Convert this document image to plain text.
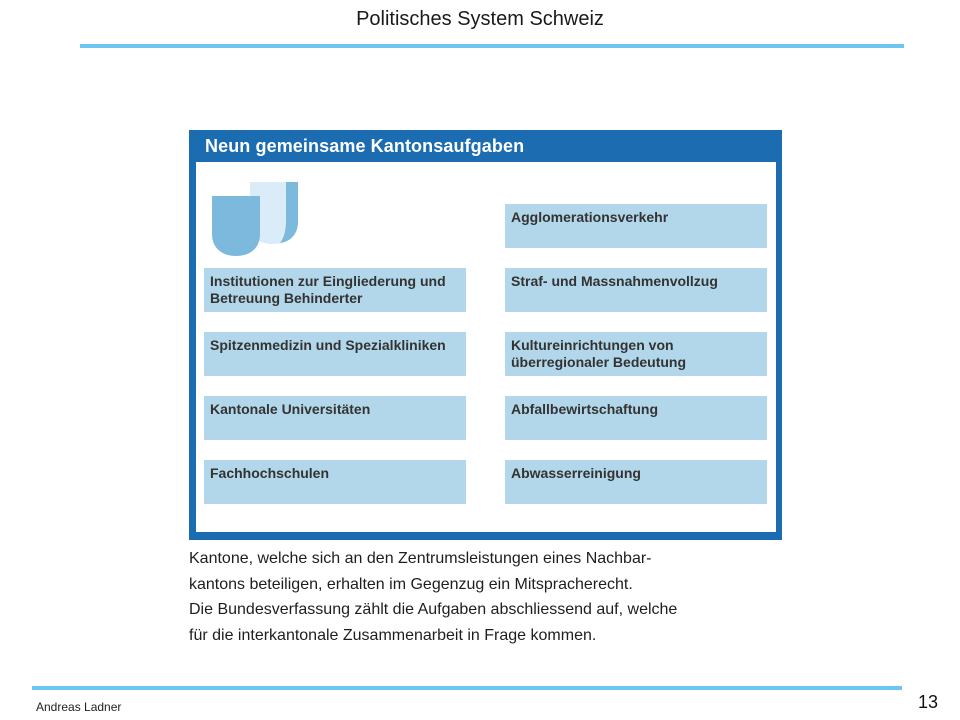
Politisches System Schweiz
Neun gemeinsame Kantonsaufgaben
Institutionen zur Eingliederung und Betreuung Behinderter
Spitzenmedizin und Spezialkliniken
Kantonale Universitäten
Fachhochschulen
Agglomerationsverkehr
Straf- und Massnahmenvollzug
Kultureinrichtungen von überregionaler Bedeutung
Abfallbewirtschaftung
Abwasserreinigung
Kantone, welche sich an den Zentrumsleistungen eines Nachbar-
kantons beteiligen, erhalten im Gegenzug ein Mitspracherecht.
Die Bundesverfassung zählt die Aufgaben abschliessend auf, welche
für die interkantonale Zusammenarbeit in Frage kommen.
Andreas Ladner	13
